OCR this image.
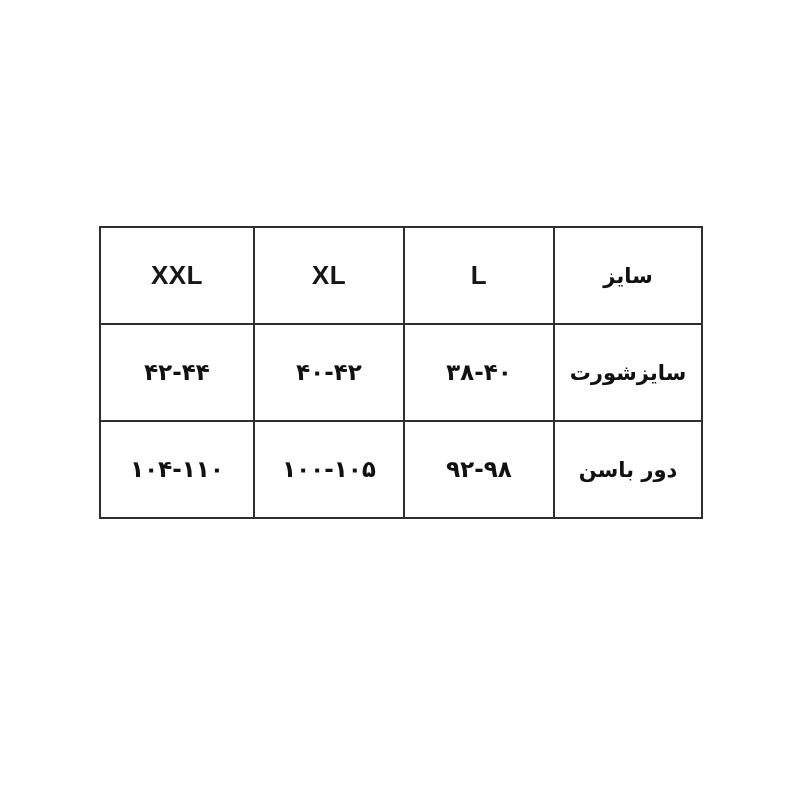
XXL	XL	L	سایز
۴۲-۴۴	۴۰-۴۲	۳۸-۴۰	سایزشورت
۱۰۴-۱۱۰	۱۰۰-۱۰۵	۹۲-۹۸	دور باسن
